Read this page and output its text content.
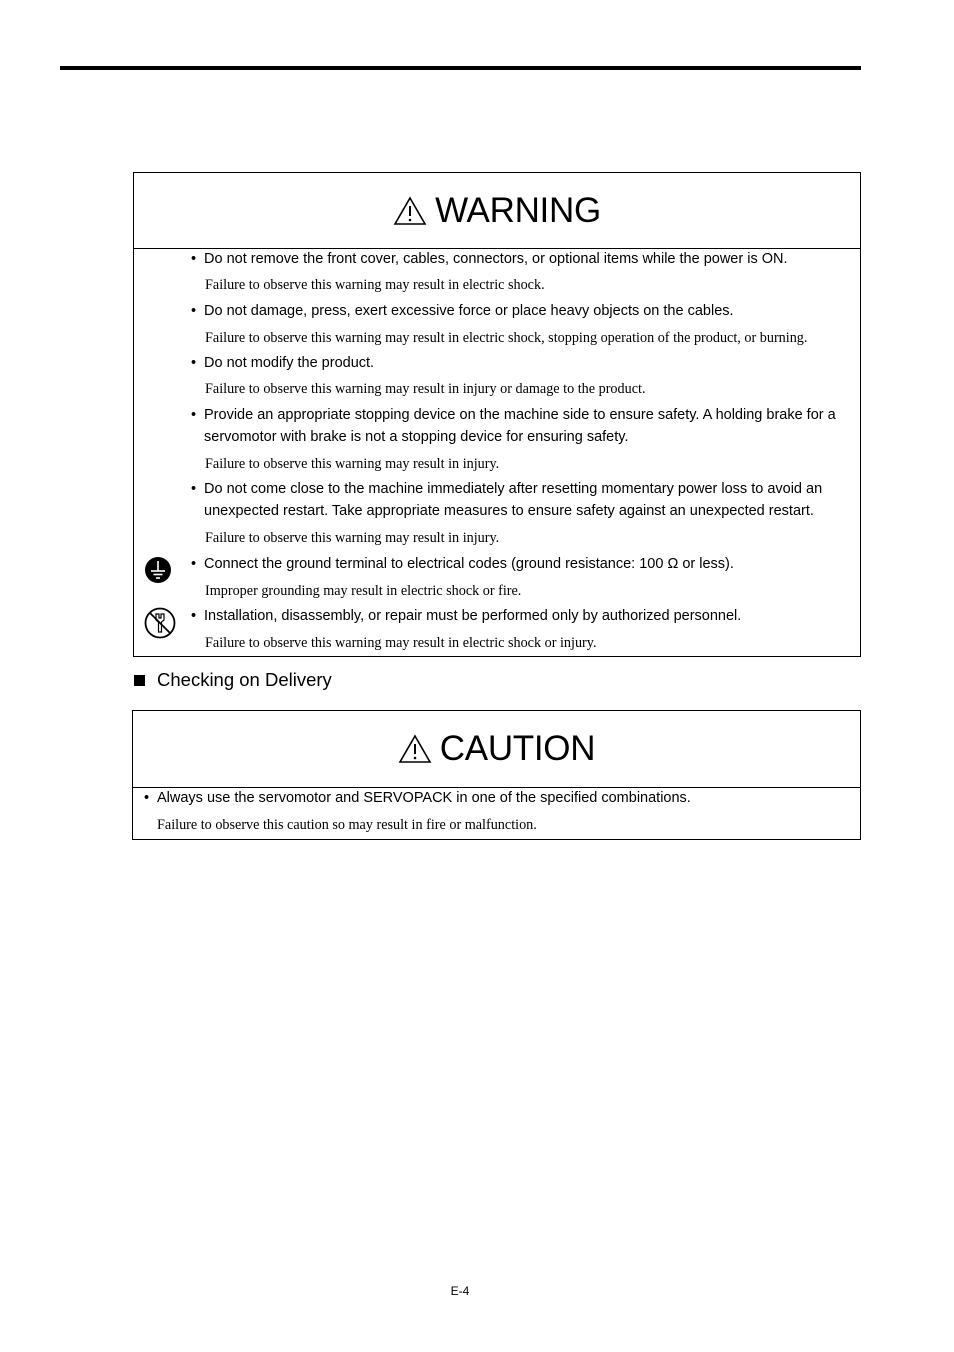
WARNING
• Do not remove the front cover, cables, connectors, or optional items while the power is ON.
Failure to observe this warning may result in electric shock.
• Do not damage, press, exert excessive force or place heavy objects on the cables.
Failure to observe this warning may result in electric shock, stopping operation of the product, or burning.
• Do not modify the product.
Failure to observe this warning may result in injury or damage to the product.
• Provide an appropriate stopping device on the machine side to ensure safety. A holding brake for a servomotor with brake is not a stopping device for ensuring safety.
Failure to observe this warning may result in injury.
• Do not come close to the machine immediately after resetting momentary power loss to avoid an unexpected restart. Take appropriate measures to ensure safety against an unexpected restart.
Failure to observe this warning may result in injury.
• Connect the ground terminal to electrical codes (ground resistance: 100 Ω or less).
Improper grounding may result in electric shock or fire.
• Installation, disassembly, or repair must be performed only by authorized personnel.
Failure to observe this warning may result in electric shock or injury.
Checking on Delivery
CAUTION
• Always use the servomotor and SERVOPACK in one of the specified combinations.
Failure to observe this caution so may result in fire or malfunction.
E-4
